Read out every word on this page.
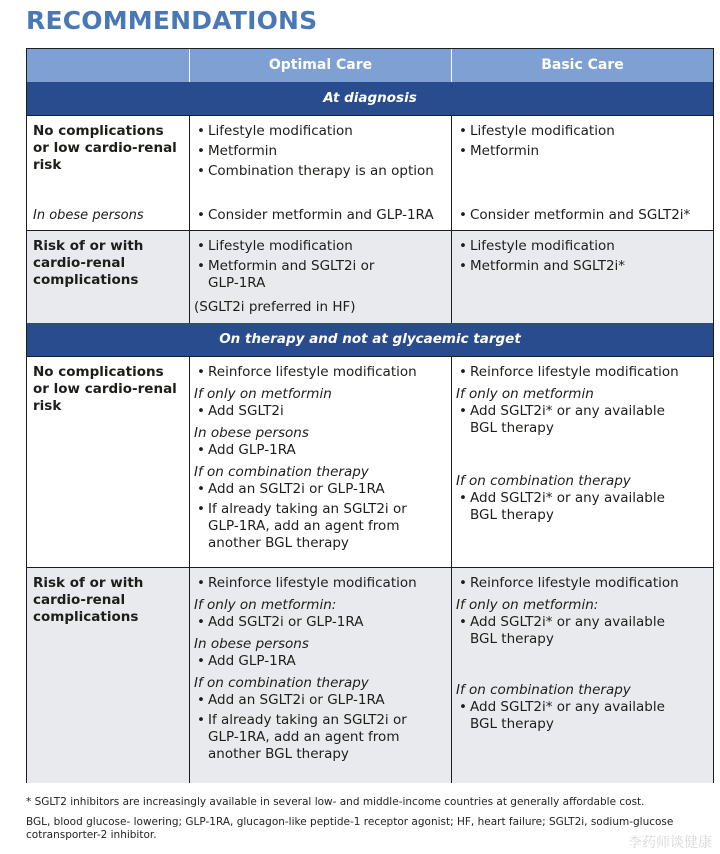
RECOMMENDATIONS
Optimal Care	Basic Care
At diagnosis
No complications or low cardio-renal risk
In obese persons
• Lifestyle modification
• Metformin
• Combination therapy is an option
• Consider metformin and GLP-1RA
• Lifestyle modification
• Metformin
• Consider metformin and SGLT2i*
Risk of or with cardio-renal complications
• Lifestyle modification
• Metformin and SGLT2i or GLP-1RA
(SGLT2i preferred in HF)
• Lifestyle modification
• Metformin and SGLT2i*
On therapy and not at glycaemic target
No complications or low cardio-renal risk
• Reinforce lifestyle modification
If only on metformin
• Add SGLT2i
In obese persons
• Add GLP-1RA
If on combination therapy
• Add an SGLT2i or GLP-1RA
• If already taking an SGLT2i or GLP-1RA, add an agent from another BGL therapy
• Reinforce lifestyle modification
If only on metformin
• Add SGLT2i* or any available BGL therapy
If on combination therapy
• Add SGLT2i* or any available BGL therapy
Risk of or with cardio-renal complications
• Reinforce lifestyle modification
If only on metformin:
• Add SGLT2i or GLP-1RA
In obese persons
• Add GLP-1RA
If on combination therapy
• Add an SGLT2i or GLP-1RA
• If already taking an SGLT2i or GLP-1RA, add an agent from another BGL therapy
• Reinforce lifestyle modification
If only on metformin:
• Add SGLT2i* or any available BGL therapy
If on combination therapy
• Add SGLT2i* or any available BGL therapy
* SGLT2 inhibitors are increasingly available in several low- and middle-income countries at generally affordable cost.
BGL, blood glucose- lowering; GLP-1RA, glucagon-like peptide-1 receptor agonist; HF, heart failure; SGLT2i, sodium-glucose cotransporter-2 inhibitor.	李药师谈健康
